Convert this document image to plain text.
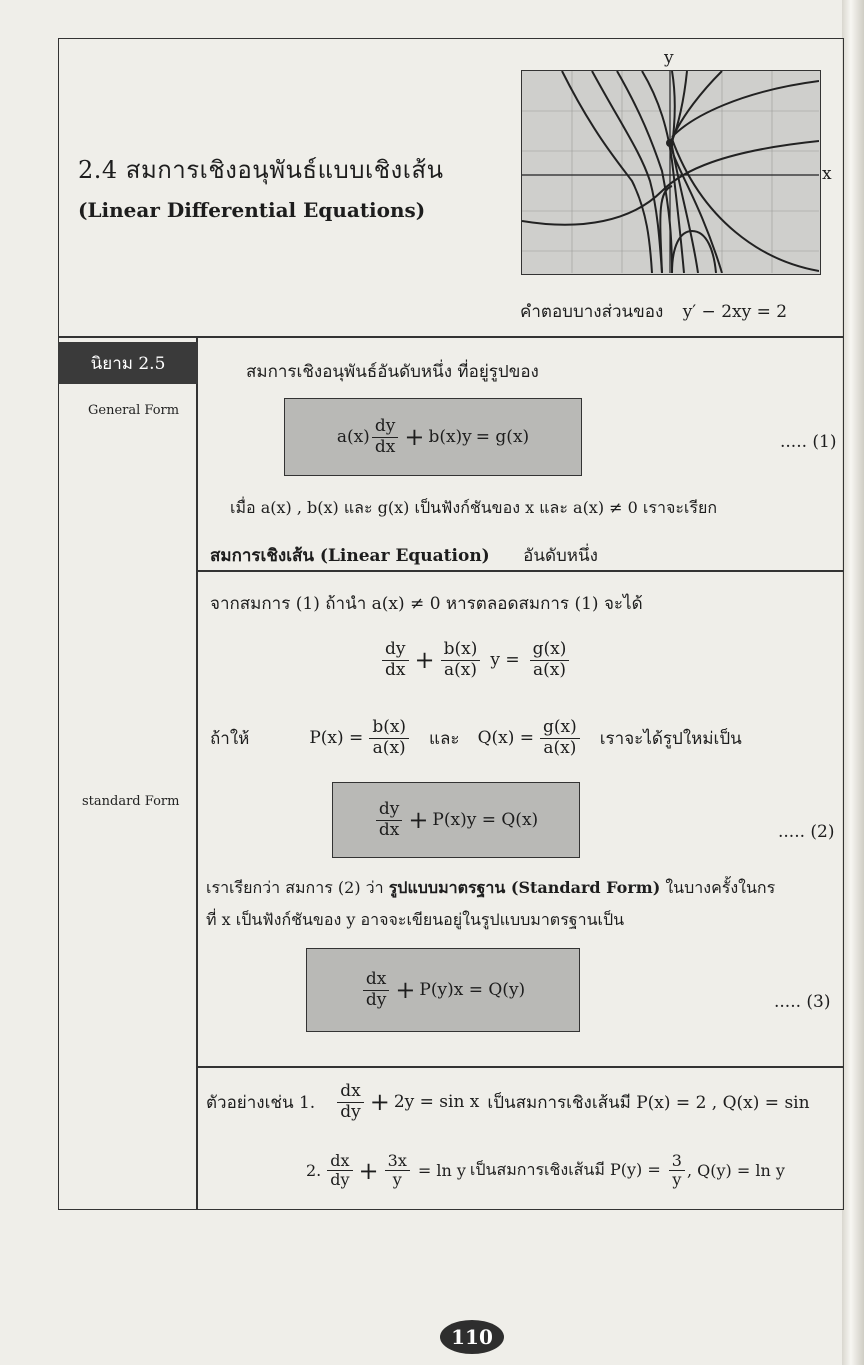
2.4 สมการเชิงอนุพันธ์แบบเชิงเส้น
(Linear Differential Equations)
y
x
คำตอบบางส่วนของ y′ − 2xy = 2
นิยาม 2.5
General Form
standard Form
สมการเชิงอนุพันธ์อันดับหนึ่ง ที่อยู่รูปของ
$a(x) \frac{dy}{dx} + b(x)y = g(x)$	..... (1)
เมื่อ a(x) , b(x) และ g(x) เป็นฟังก์ชันของ x และ a(x) ≠ 0 เราจะเรียก
สมการเชิงเส้น (Linear Equation) อันดับหนึ่ง
จากสมการ (1) ถ้านำ a(x) ≠ 0 หารตลอดสมการ (1) จะได้
$\frac{dy}{dx} + \frac{b(x)}{a(x)}$ $y = \frac{g(x)}{a(x)}$
ถ้าให้	$P(x) = \frac{b(x)}{a(x)}$ และ $Q(x) = \frac{g(x)}{a(x)}$ เราจะได้รูปใหม่เป็น
$\frac{dy}{dx} + P(x)y = Q(x)$
..... (2)
เราเรียกว่า สมการ (2) ว่า รูปแบบมาตรฐาน (Standard Form) ในบางครั้งในกร
ที่ x เป็นฟังก์ชันของ y อาจจะเขียนอยู่ในรูปแบบมาตรฐานเป็น
$\frac{dx}{dy} + P(y)x = Q(y)$
..... (3)
ตัวอย่างเช่น 1. $\frac{dx}{dy} + 2y = \sin x$ เป็นสมการเชิงเส้นมี P(x) = 2 , Q(x) = sin
2. $\frac{dx}{dy} + \frac{3x}{y} = \ln y$ เป็นสมการเชิงเส้นมี $P(y) = \frac{3}{y}$ , Q(y) = ln y
110
